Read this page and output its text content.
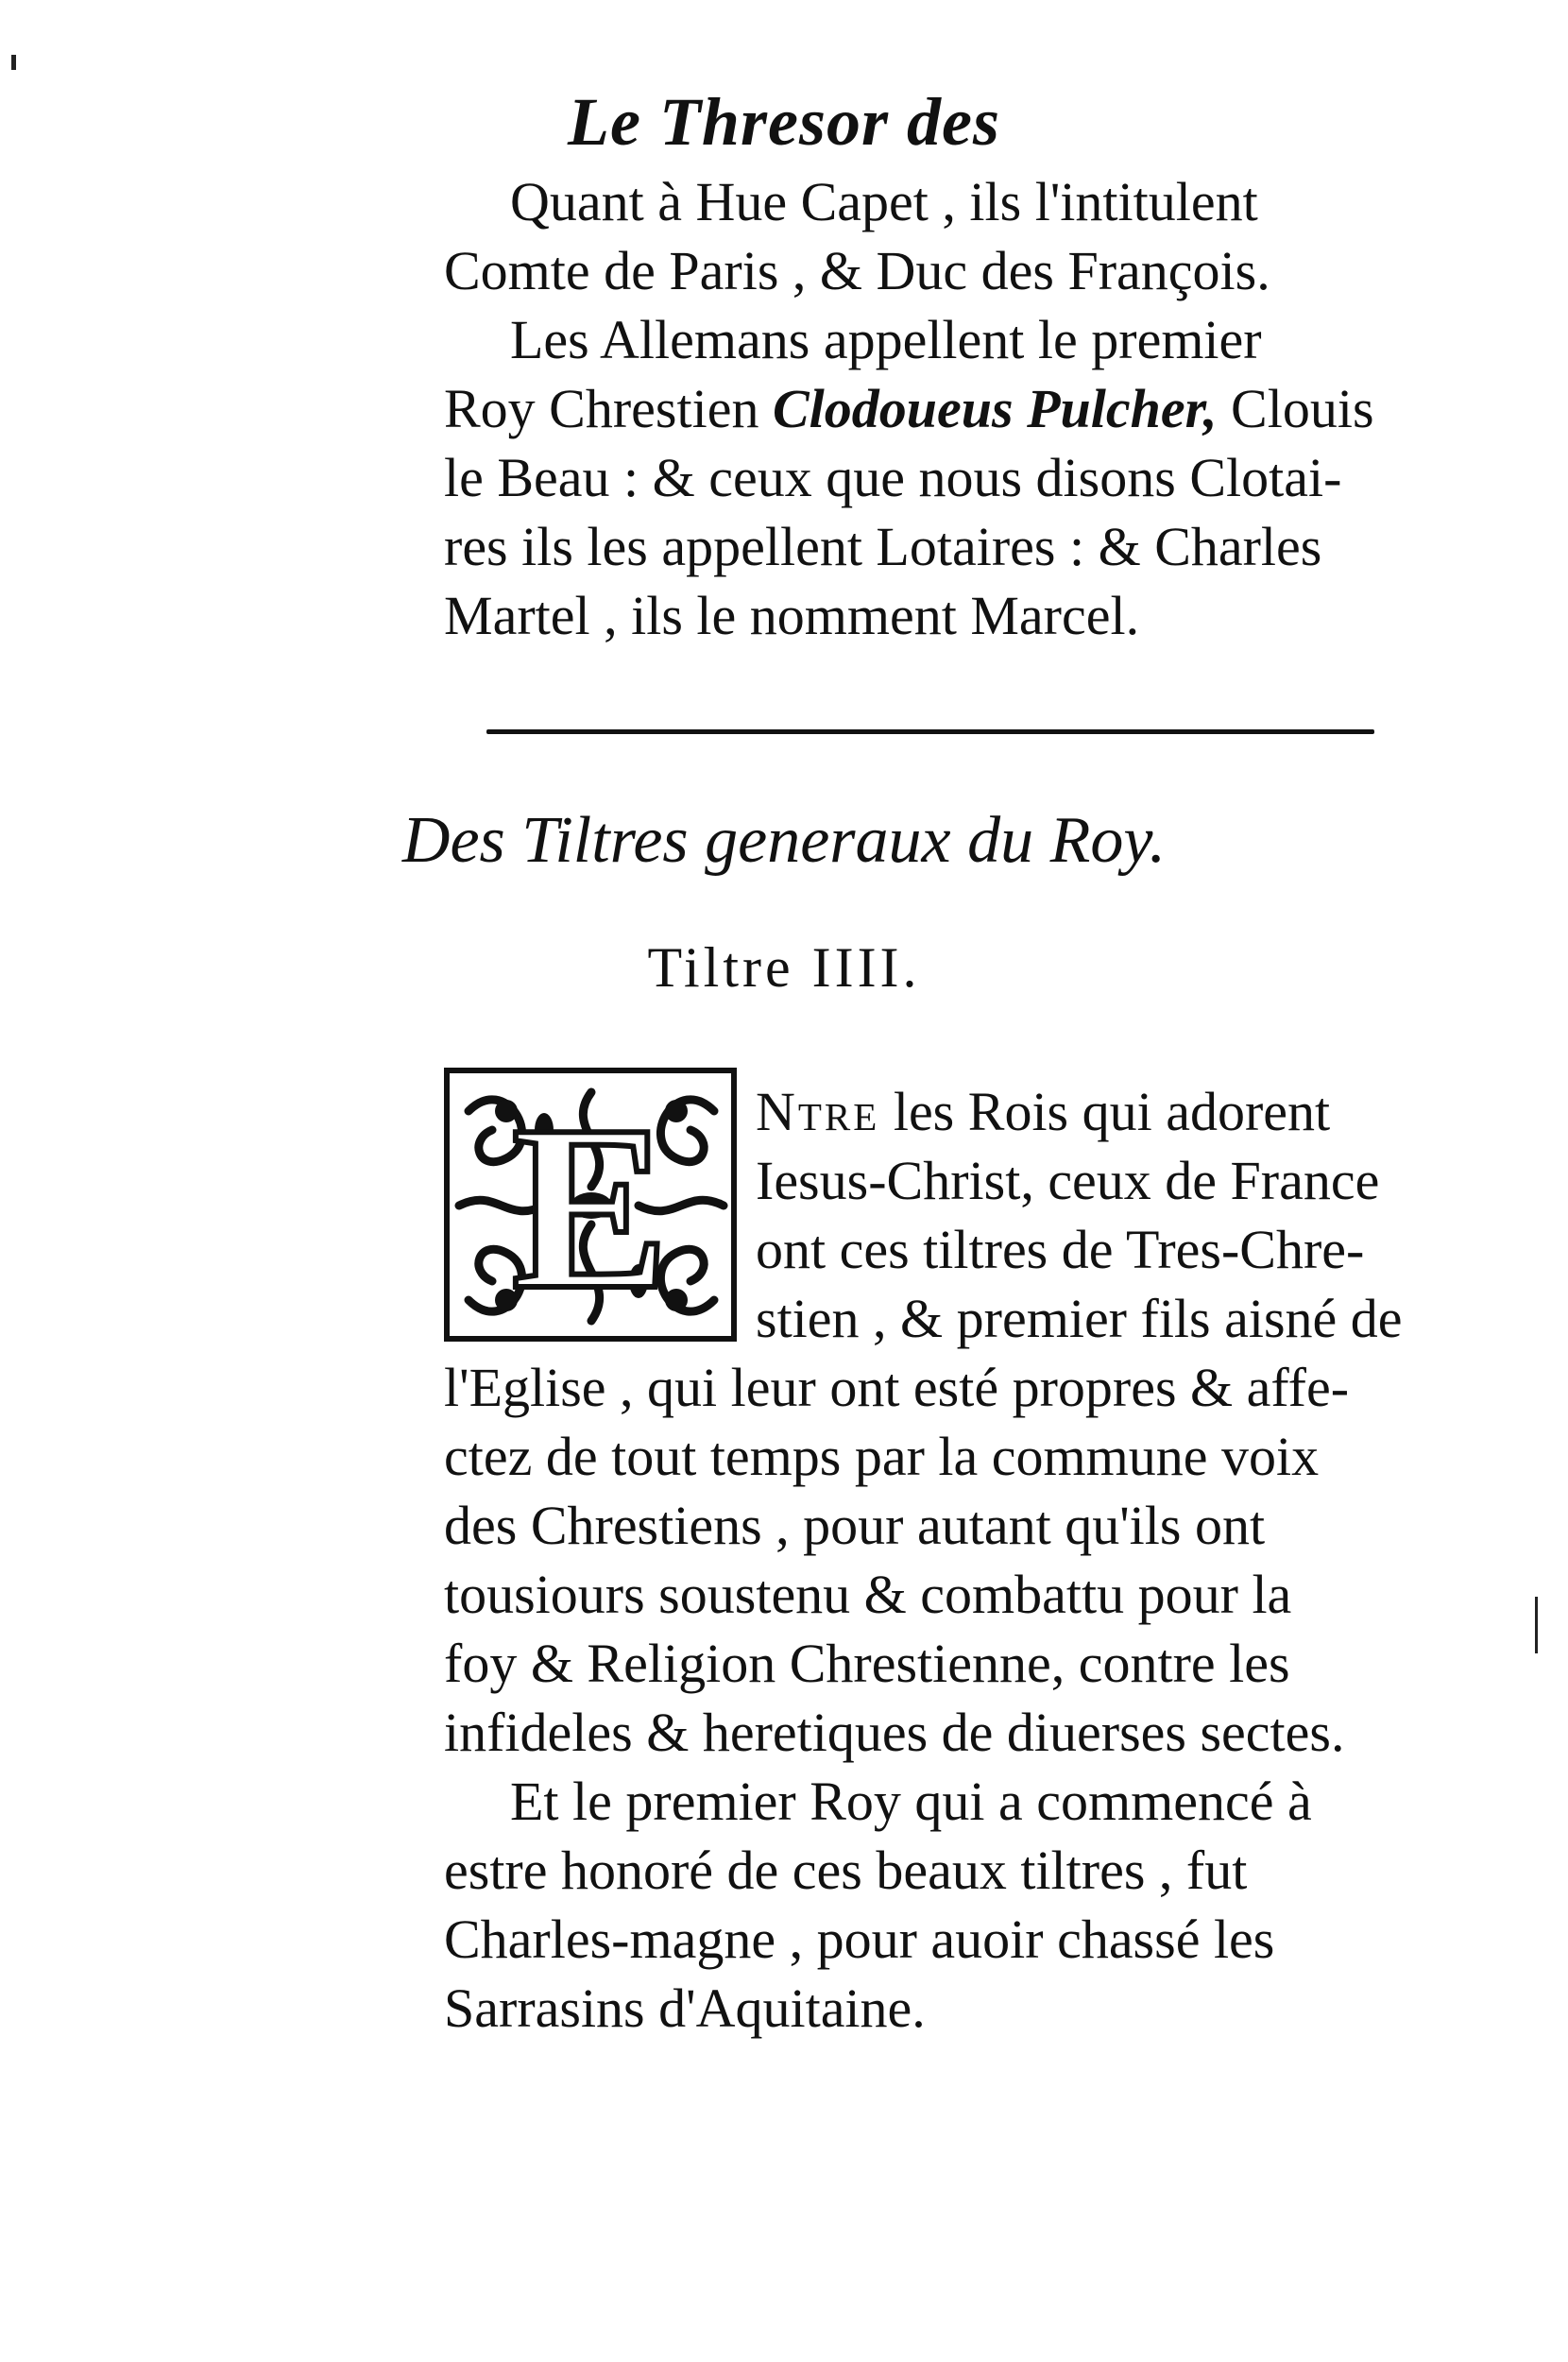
Le Thresor des
Quant à Hue Capet , ils l'intitulent
Comte de Paris , & Duc des François.
Les Allemans appellent le premier
Roy Chrestien Clodoueus Pulcher, Clouis
le Beau : & ceux que nous disons Clotai-
res ils les appellent Lotaires : & Charles
Martel , ils le nomment Marcel.
Des Tiltres generaux du Roy.
Tiltre IIII.
E	Ntre les Rois qui adorent
Iesus-Christ, ceux de France
ont ces tiltres de Tres-Chre-
stien , & premier fils aisné de
l'Eglise , qui leur ont esté propres & affe-
ctez de tout temps par la commune voix
des Chrestiens , pour autant qu'ils ont
tousiours soustenu & combattu pour la
foy & Religion Chrestienne, contre les
infideles & heretiques de diuerses sectes.
Et le premier Roy qui a commencé à
estre honoré de ces beaux tiltres , fut
Charles-magne , pour auoir chassé les
Sarrasins d'Aquitaine.
